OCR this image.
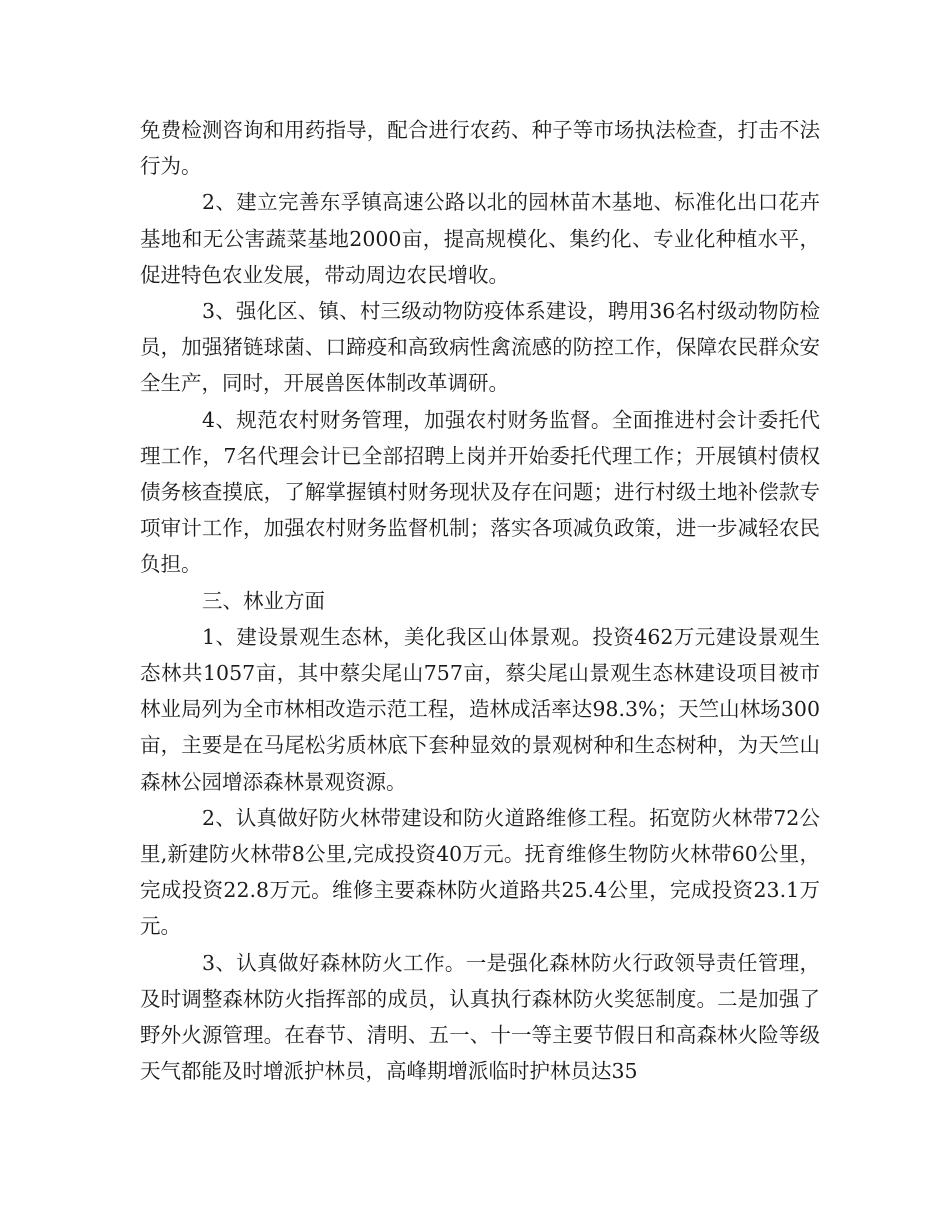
免费检测咨询和用药指导，配合进行农药、种子等市场执法检查，打击不法行为。

2、建立完善东孚镇高速公路以北的园林苗木基地、标准化出口花卉基地和无公害蔬菜基地2000亩，提高规模化、集约化、专业化种植水平，促进特色农业发展，带动周边农民增收。

3、强化区、镇、村三级动物防疫体系建设，聘用36名村级动物防检员，加强猪链球菌、口蹄疫和高致病性禽流感的防控工作，保障农民群众安全生产，同时，开展兽医体制改革调研。

4、规范农村财务管理，加强农村财务监督。全面推进村会计委托代理工作，7名代理会计已全部招聘上岗并开始委托代理工作；开展镇村债权债务核查摸底，了解掌握镇村财务现状及存在问题；进行村级土地补偿款专项审计工作，加强农村财务监督机制；落实各项减负政策，进一步减轻农民负担。

三、林业方面

1、建设景观生态林，美化我区山体景观。投资462万元建设景观生态林共1057亩，其中蔡尖尾山757亩，蔡尖尾山景观生态林建设项目被市林业局列为全市林相改造示范工程，造林成活率达98.3%；天竺山林场300亩，主要是在马尾松劣质林底下套种显效的景观树种和生态树种，为天竺山森林公园增添森林景观资源。

2、认真做好防火林带建设和防火道路维修工程。拓宽防火林带72公里,新建防火林带8公里,完成投资40万元。抚育维修生物防火林带60公里，完成投资22.8万元。维修主要森林防火道路共25.4公里，完成投资23.1万元。

3、认真做好森林防火工作。一是强化森林防火行政领导责任管理，及时调整森林防火指挥部的成员，认真执行森林防火奖惩制度。二是加强了野外火源管理。在春节、清明、五一、十一等主要节假日和高森林火险等级天气都能及时增派护林员，高峰期增派临时护林员达35
